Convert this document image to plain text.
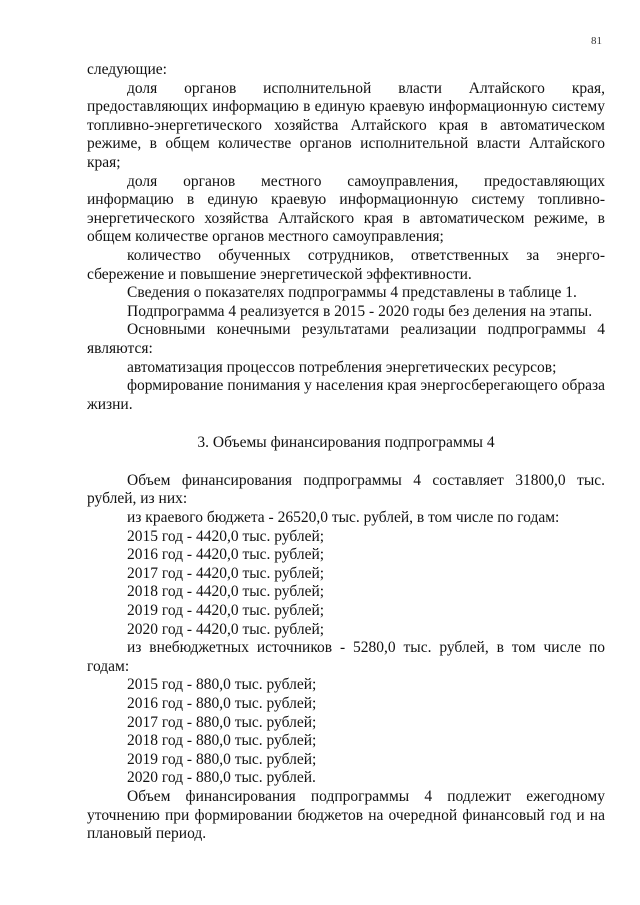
81

следующие:

доля органов исполнительной власти Алтайского края, предоставляющих информацию в единую краевую информационную систему топливно-энергетического хозяйства Алтайского края в автоматическом режиме, в общем количестве органов исполнительной власти Алтайского края;

доля органов местного самоуправления, предоставляющих информацию в единую краевую информационную систему топливно-энергетического хозяйства Алтайского края в автоматическом режиме, в общем количестве органов местного самоуправления;

количество обученных сотрудников, ответственных за энергосбережение и повышение энергетической эффективности.

Сведения о показателях подпрограммы 4 представлены в таблице 1.

Подпрограмма 4 реализуется в 2015 - 2020 годы без деления на этапы.

Основными конечными результатами реализации подпрограммы 4 являются:

автоматизация процессов потребления энергетических ресурсов;

формирование понимания у населения края энергосберегающего образа жизни.

3. Объемы финансирования подпрограммы 4

Объем финансирования подпрограммы 4 составляет 31800,0 тыс. рублей, из них:

из краевого бюджета - 26520,0 тыс. рублей, в том числе по годам:

2015 год - 4420,0 тыс. рублей;

2016 год - 4420,0 тыс. рублей;

2017 год - 4420,0 тыс. рублей;

2018 год - 4420,0 тыс. рублей;

2019 год - 4420,0 тыс. рублей;

2020 год - 4420,0 тыс. рублей;

из внебюджетных источников - 5280,0 тыс. рублей, в том числе по годам:

2015 год - 880,0 тыс. рублей;

2016 год - 880,0 тыс. рублей;

2017 год - 880,0 тыс. рублей;

2018 год - 880,0 тыс. рублей;

2019 год - 880,0 тыс. рублей;

2020 год - 880,0 тыс. рублей.

Объем финансирования подпрограммы 4 подлежит ежегодному уточнению при формировании бюджетов на очередной финансовый год и на плановый период.
